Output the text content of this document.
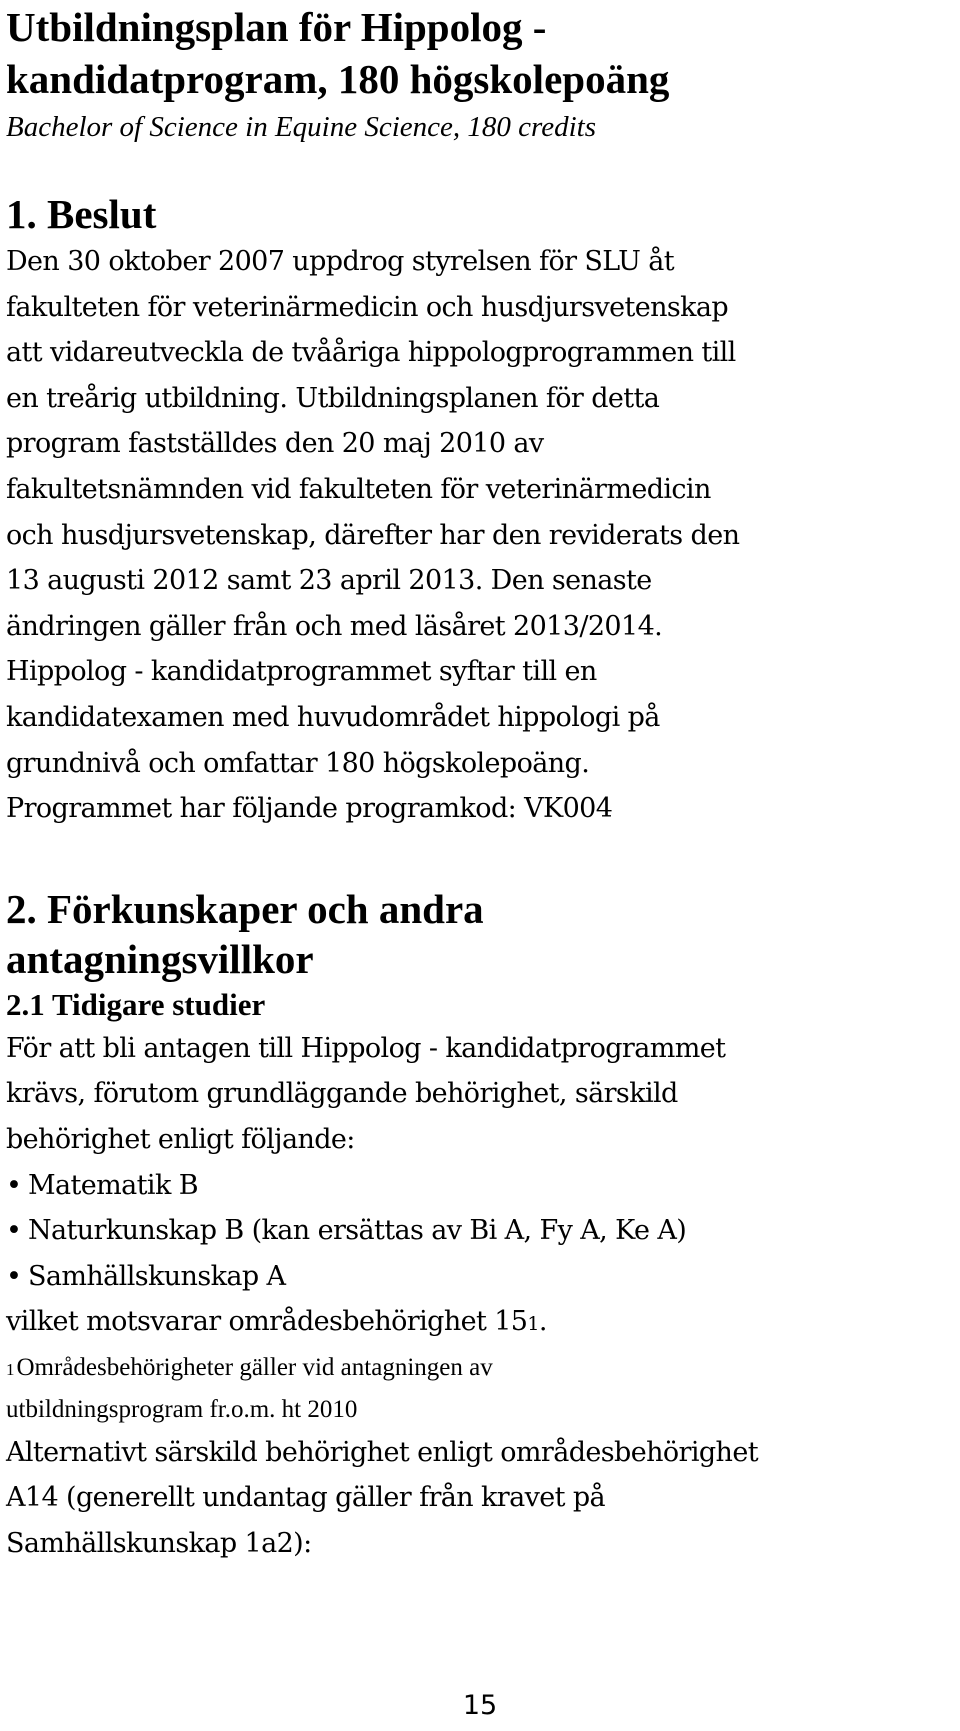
Utbildningsplan för Hippolog -
kandidatprogram, 180 högskolepoäng

Bachelor of Science in Equine Science, 180 credits

1. Beslut

Den 30 oktober 2007 uppdrog styrelsen för SLU åt
fakulteten för veterinärmedicin och husdjursvetenskap
att vidareutveckla de tvååriga hippologprogrammen till
en treårig utbildning. Utbildningsplanen för detta
program fastställdes den 20 maj 2010 av
fakultetsnämnden vid fakulteten för veterinärmedicin
och husdjursvetenskap, därefter har den reviderats den
13 augusti 2012 samt 23 april 2013. Den senaste
ändringen gäller från och med läsåret 2013/2014.
Hippolog - kandidatprogrammet syftar till en
kandidatexamen med huvudområdet hippologi på
grundnivå och omfattar 180 högskolepoäng.
Programmet har följande programkod: VK004

2. Förkunskaper och andra
antagningsvillkor
2.1 Tidigare studier

För att bli antagen till Hippolog - kandidatprogrammet
krävs, förutom grundläggande behörighet, särskild
behörighet enligt följande:

• Matematik B
• Naturkunskap B (kan ersättas av Bi A, Fy A, Ke A)
• Samhällskunskap A

vilket motsvarar områdesbehörighet 151.

1Områdesbehörigheter gäller vid antagningen av
utbildningsprogram fr.o.m. ht 2010

Alternativt särskild behörighet enligt områdesbehörighet
A14 (generellt undantag gäller från kravet på
Samhällskunskap 1a2):

15
